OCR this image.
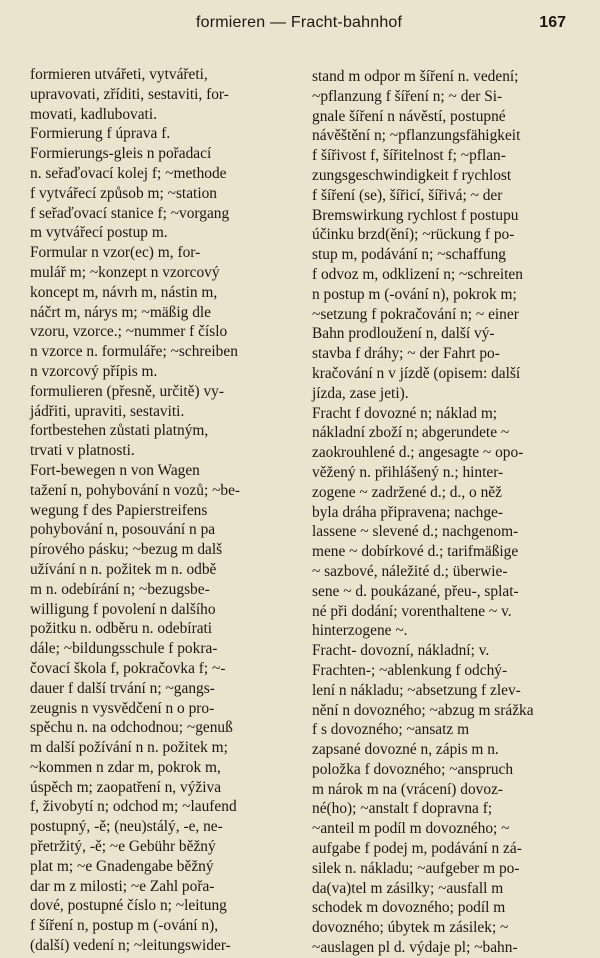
formieren — Fracht-bahnhof	167
formieren utvářeti, vytvářeti,
upravovati, zříditi, sestaviti, for-
movati, kadlubovati.
Formierung f úprava f.
Formierungs-gleis n pořadací
n. seřaďovací kolej f; ~methode
f vytvářecí způsob m; ~station
f seřaďovací stanice f; ~vorgang
m vytvářecí postup m.
Formular n vzor(ec) m, for-
mulář m; ~konzept n vzorcový
koncept m, návrh m, nástin m,
náčrt m, nárys m; ~mäßig dle
vzoru, vzorce.; ~nummer f číslo
n vzorce n. formuláře; ~schreiben
n vzorcový přípis m.
formulieren (přesně, určitě) vy-
jádřiti, upraviti, sestaviti.
fortbestehen zůstati platným,
trvati v platnosti.
Fort-bewegen n von Wagen
tažení n, pohybování n vozů; ~be-
wegung f des Papierstreifens
pohybování n, posouvání n pa
pírového pásku; ~bezug m dalš
užívání n n. požitek m n. odbě
m n. odebírání n; ~bezugsbe-
willigung f povolení n dalšího
požitku n. odběru n. odebírati
dále; ~bildungsschule f pokra-
čovací škola f, pokračovka f; ~-
dauer f další trvání n; ~gangs-
zeugnis n vysvědčení n o pro-
spěchu n. na odchodnou; ~genuß
m další požívání n n. požitek m;
~kommen n zdar m, pokrok m,
úspěch m; zaopatření n, výživa
f, živobytí n; odchod m; ~laufend
postupný, -ě; (neu)stálý, -e, ne-
přetržitý, -ě; ~e Gebühr běžný
plat m; ~e Gnadengabe běžný
dar m z milosti; ~e Zahl pořa-
dové, postupné číslo n; ~leitung
f šíření n, postup m (-ování n),
(další) vedení n; ~leitungswider-
stand m odpor m šíření n. vedení;
~pflanzung f šíření n; ~ der Si-
gnale šíření n návěstí, postupné
návěštění n; ~pflanzungsfähigkeit
f šířivost f, šířitelnost f; ~pflan-
zungsgeschwindigkeit f rychlost
f šíření (se), šířicí, šířivá; ~ der
Bremswirkung rychlost f postupu
účinku brzd(ění); ~rückung f po-
stup m, podávání n; ~schaffung
f odvoz m, odklizení n; ~schreiten
n postup m (-ování n), pokrok m;
~setzung f pokračování n; ~ einer
Bahn prodloužení n, další vý-
stavba f dráhy; ~ der Fahrt po-
kračování n v jízdě (opisem: další
jízda, zase jeti).
Fracht f dovozné n; náklad m;
nákladní zboží n; abgerundete ~
zaokrouhlené d.; angesagte ~ opo-
věžený n. přihlášený n.; hinter-
zogene ~ zadržené d.; d., o něž
byla dráha připravena; nachge-
lassene ~ slevené d.; nachgenom-
mene ~ dobírkové d.; tarifmäßige
~ sazbové, náležité d.; überwie-
sene ~ d. poukázané, přeu-, splat-
né při dodání; vorenthaltene ~ v.
hinterzogene ~.
Fracht- dovozní, nákladní; v.
Frachten-; ~ablenkung f odchý-
lení n nákladu; ~absetzung f zlev-
nění n dovozného; ~abzug m srážka
f s dovozného; ~ansatz m
zapsané dovozné n, zápis m n.
položka f dovozného; ~anspruch
m nárok m na (vrácení) dovoz-
né(ho); ~anstalt f dopravna f;
~anteil m podíl m dovozného; ~
aufgabe f podej m, podávání n zá-
silek n. nákladu; ~aufgeber m po-
da(va)tel m zásilky; ~ausfall m
schodek m dovozného; podíl m
dovozného; úbytek m zásilek; ~
~auslagen pl d. výdaje pl; ~bahn-
